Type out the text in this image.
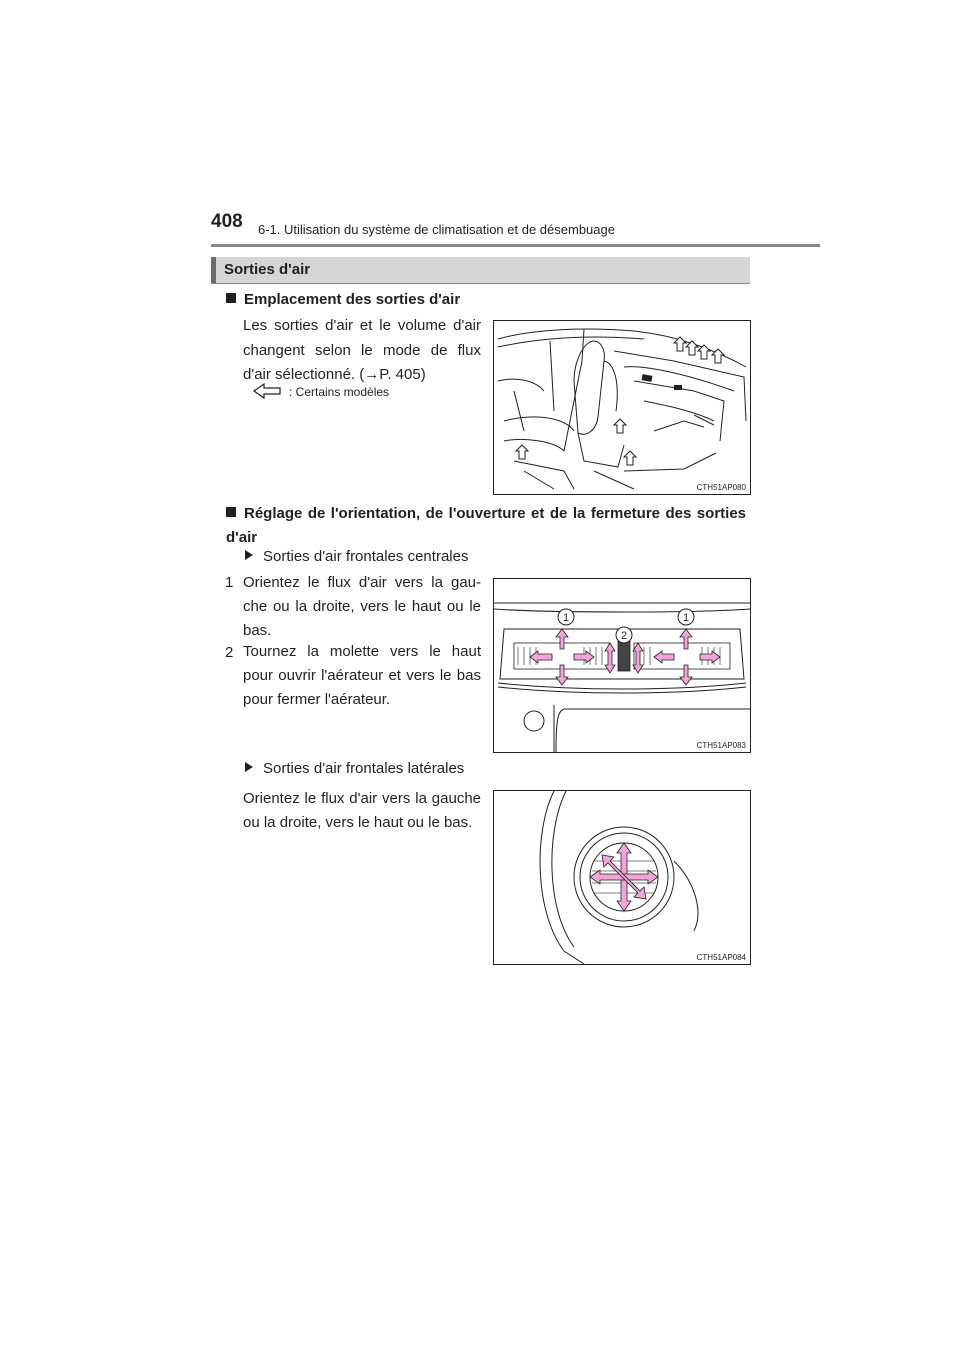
408 6-1. Utilisation du système de climatisation et de désembuage
Sorties d'air
Emplacement des sorties d'air
Les sorties d'air et le volume d'air changent selon le mode de flux d'air sélectionné. (→P. 405)
: Certains modèles
CTH51AP080
Réglage de l'orientation, de l'ouverture et de la fermeture des sorties d'air
Sorties d'air frontales centrales
1 Orientez le flux d'air vers la gau-che ou la droite, vers le haut ou le bas.
2 Tournez la molette vers le haut pour ouvrir l'aérateur et vers le bas pour fermer l'aérateur.
1
2
1
CTH51AP083
Sorties d'air frontales latérales
Orientez le flux d'air vers la gauche ou la droite, vers le haut ou le bas.
CTH51AP084
